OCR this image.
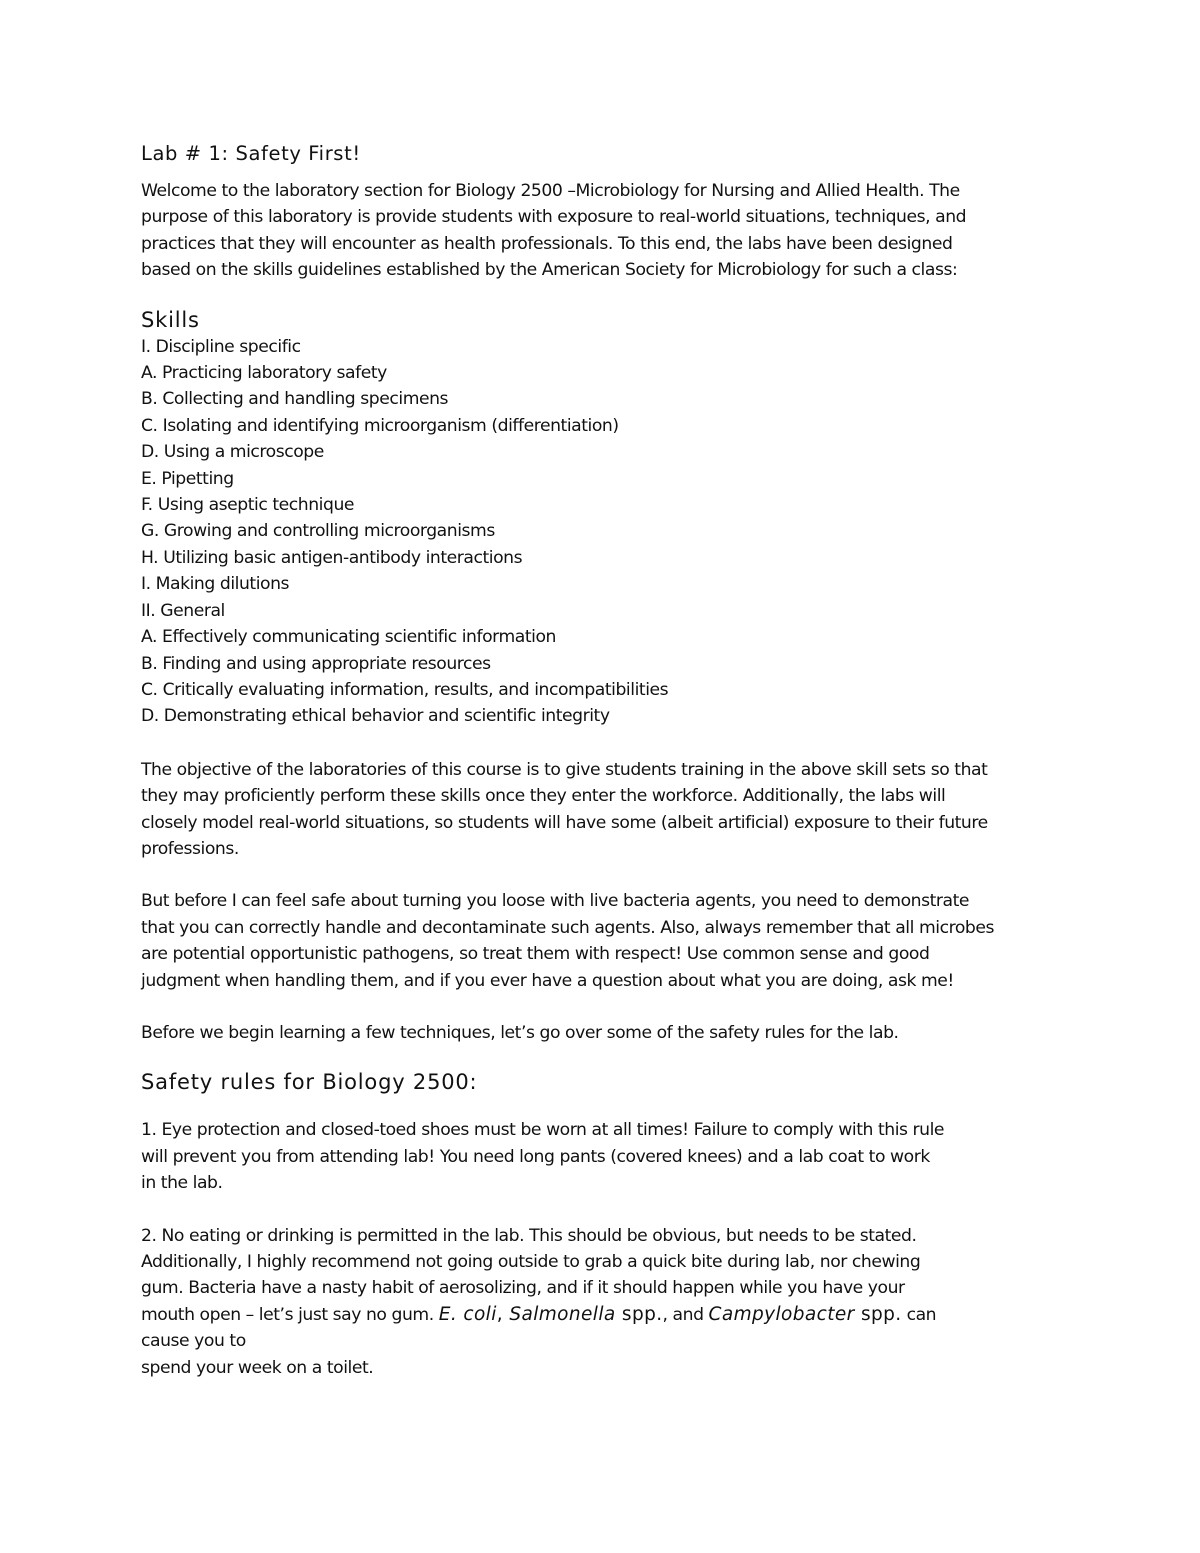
Lab # 1: Safety First!

Welcome to the laboratory section for Biology 2500 –Microbiology for Nursing and Allied Health. The
purpose of this laboratory is provide students with exposure to real-world situations, techniques, and
practices that they will encounter as health professionals. To this end, the labs have been designed
based on the skills guidelines established by the American Society for Microbiology for such a class:

Skills
I. Discipline specific
A. Practicing laboratory safety
B. Collecting and handling specimens
C. Isolating and identifying microorganism (differentiation)
D. Using a microscope
E. Pipetting
F. Using aseptic technique
G. Growing and controlling microorganisms
H. Utilizing basic antigen-antibody interactions
I. Making dilutions
II. General
A. Effectively communicating scientific information
B. Finding and using appropriate resources
C. Critically evaluating information, results, and incompatibilities
D. Demonstrating ethical behavior and scientific integrity

The objective of the laboratories of this course is to give students training in the above skill sets so that
they may proficiently perform these skills once they enter the workforce. Additionally, the labs will
closely model real-world situations, so students will have some (albeit artificial) exposure to their future
professions.

But before I can feel safe about turning you loose with live bacteria agents, you need to demonstrate
that you can correctly handle and decontaminate such agents. Also, always remember that all microbes
are potential opportunistic pathogens, so treat them with respect! Use common sense and good
judgment when handling them, and if you ever have a question about what you are doing, ask me!

Before we begin learning a few techniques, let’s go over some of the safety rules for the lab.

Safety rules for Biology 2500:

1. Eye protection and closed-toed shoes must be worn at all times! Failure to comply with this rule
will prevent you from attending lab! You need long pants (covered knees) and a lab coat to work
in the lab.

2. No eating or drinking is permitted in the lab. This should be obvious, but needs to be stated.
Additionally, I highly recommend not going outside to grab a quick bite during lab, nor chewing
gum. Bacteria have a nasty habit of aerosolizing, and if it should happen while you have your
mouth open – let’s just say no gum. E. coli, Salmonella spp., and Campylobacter spp. can
cause you to
spend your week on a toilet.
